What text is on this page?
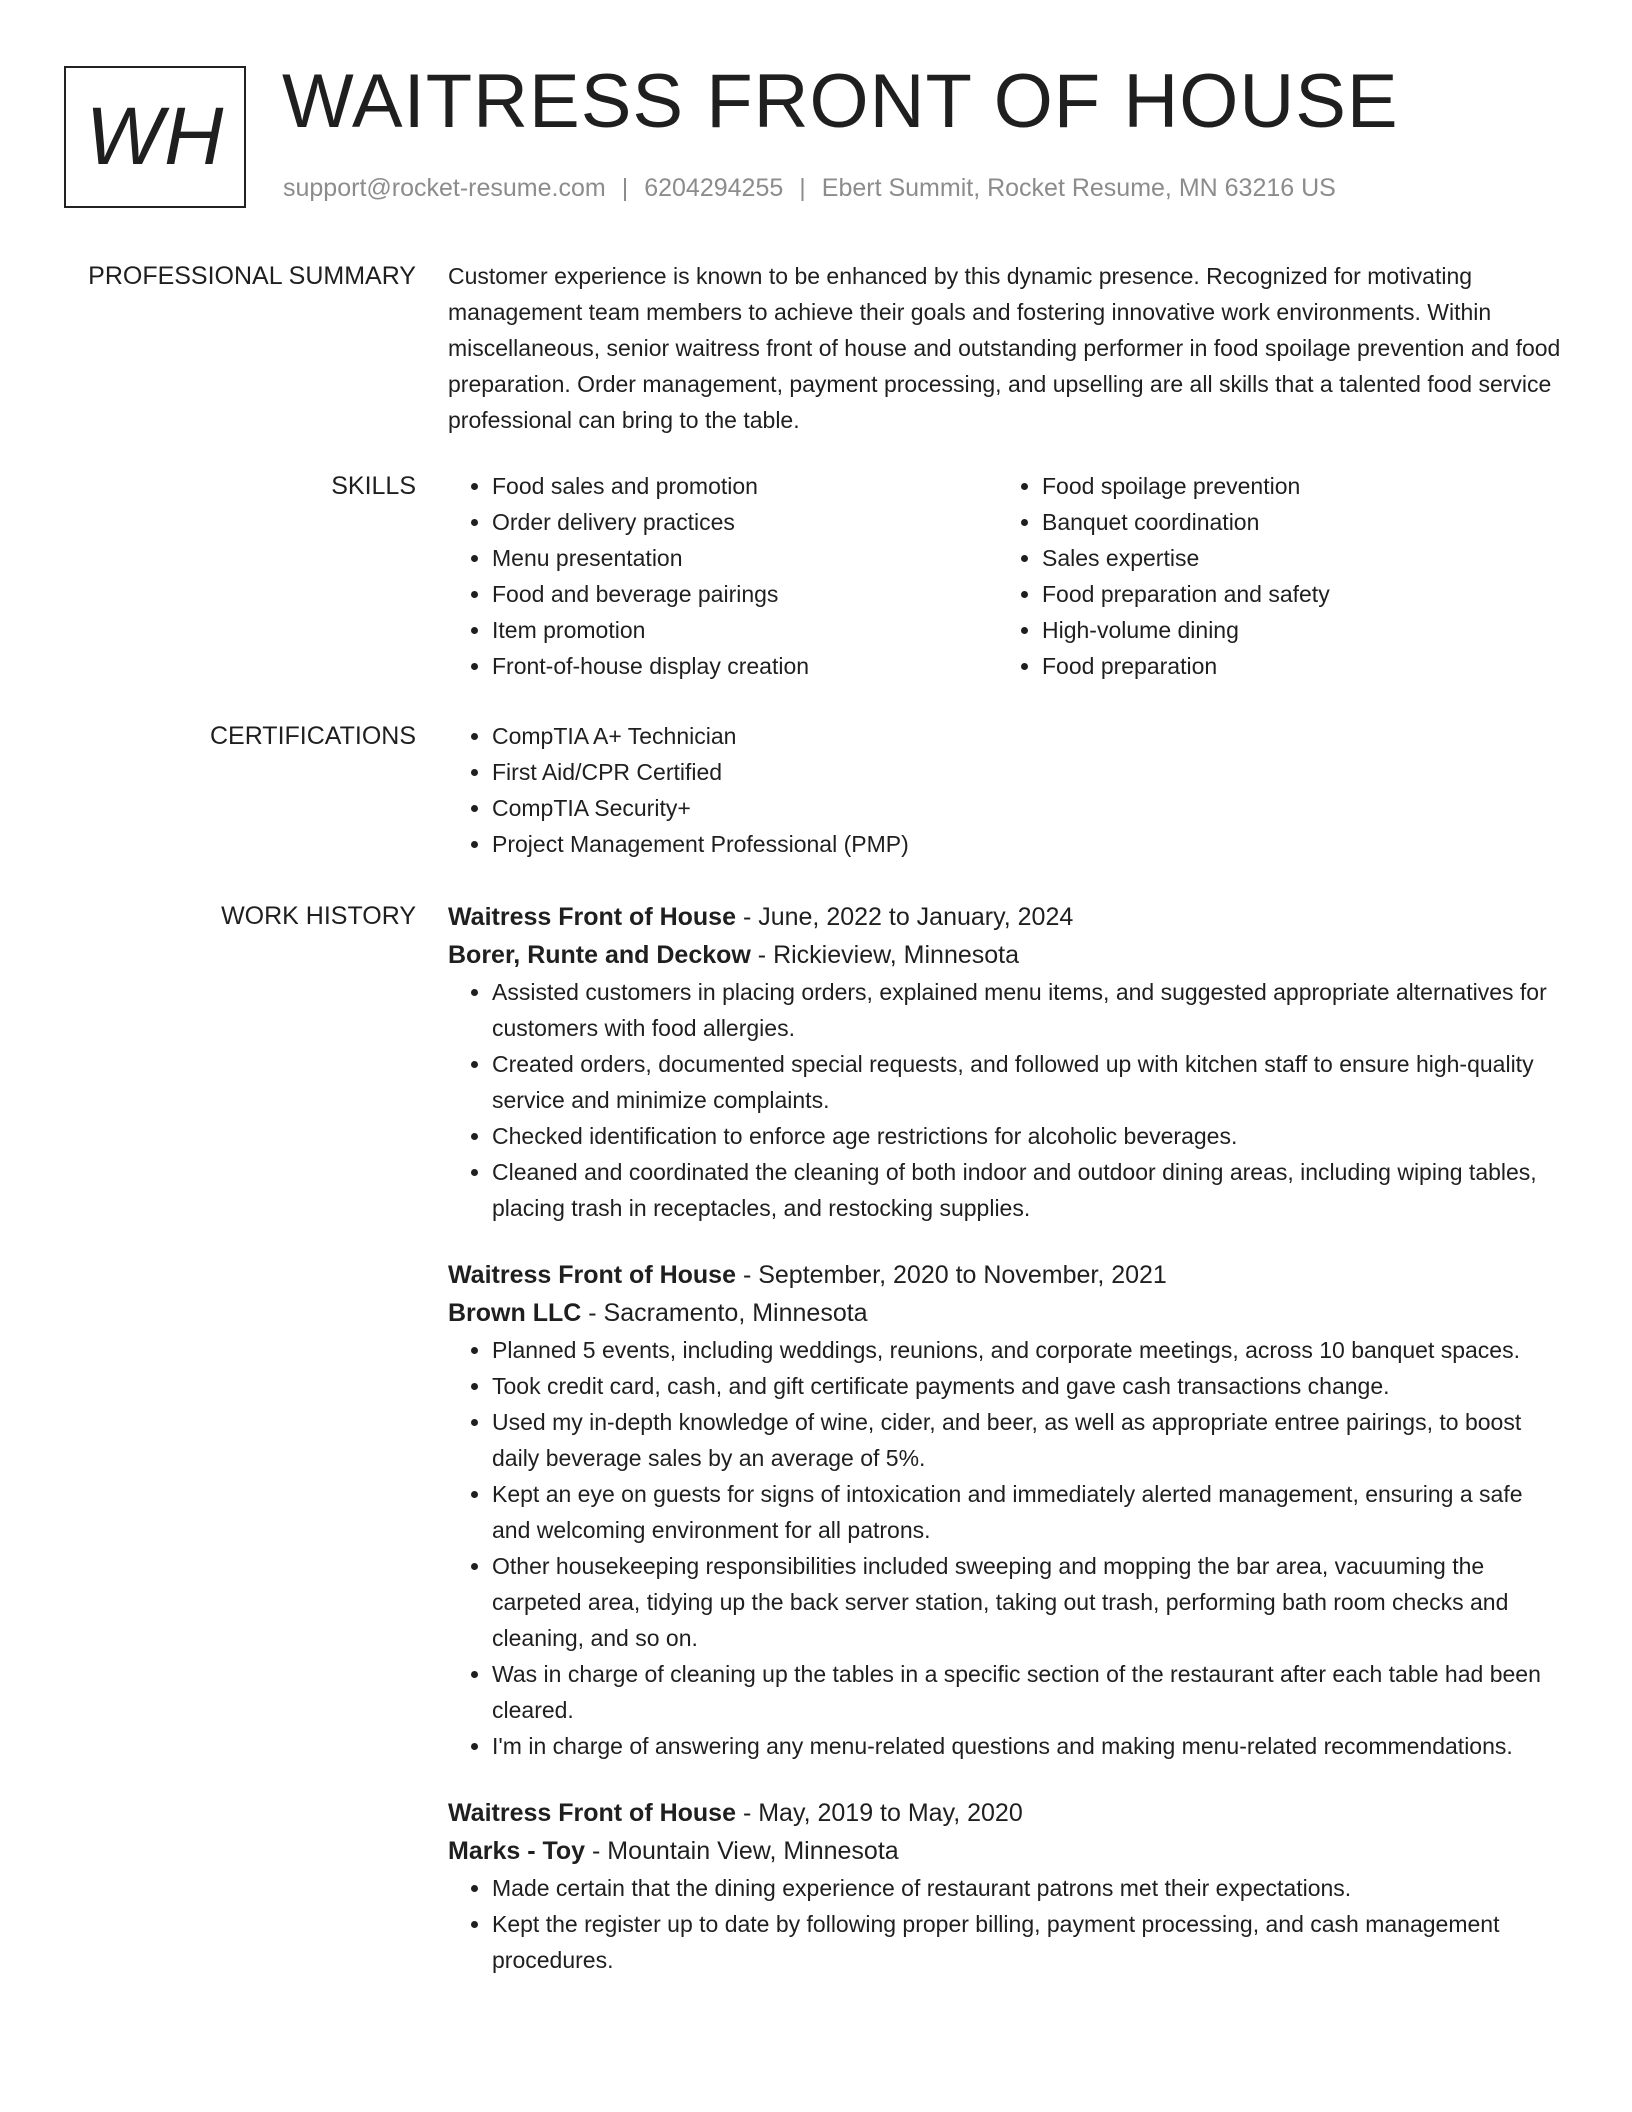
WH WAITRESS FRONT OF HOUSE
support@rocket-resume.com | 6204294255 | Ebert Summit, Rocket Resume, MN 63216 US
PROFESSIONAL SUMMARY Customer experience is known to be enhanced by this dynamic presence. Recognized for motivating management team members to achieve their goals and fostering innovative work environments. Within miscellaneous, senior waitress front of house and outstanding performer in food spoilage prevention and food preparation. Order management, payment processing, and upselling are all skills that a talented food service professional can bring to the table.

SKILLS	• Food sales and promotion
• Order delivery practices
• Menu presentation
• Food and beverage pairings
• Item promotion
• Front-of-house display creation
• Food spoilage prevention
• Banquet coordination
• Sales expertise
• Food preparation and safety
• High-volume dining
• Food preparation
CERTIFICATIONS	• CompTIA A+ Technician
• First Aid/CPR Certified
• CompTIA Security+
• Project Management Professional (PMP)
WORK HISTORY Waitress Front of House - June, 2022 to January, 2024

Borer, Runte and Deckow - Rickieview, Minnesota

• Assisted customers in placing orders, explained menu items, and suggested appropriate alternatives for customers with food allergies.
• Created orders, documented special requests, and followed up with kitchen staff to ensure high-quality service and minimize complaints.
• Checked identification to enforce age restrictions for alcoholic beverages.
• Cleaned and coordinated the cleaning of both indoor and outdoor dining areas, including wiping tables, placing trash in receptacles, and restocking supplies.

Waitress Front of House - September, 2020 to November, 2021

Brown LLC - Sacramento, Minnesota

• Planned 5 events, including weddings, reunions, and corporate meetings, across 10 banquet spaces.
• Took credit card, cash, and gift certificate payments and gave cash transactions change.
• Used my in-depth knowledge of wine, cider, and beer, as well as appropriate entree pairings, to boost daily beverage sales by an average of 5%.
• Kept an eye on guests for signs of intoxication and immediately alerted management, ensuring a safe and welcoming environment for all patrons.
• Other housekeeping responsibilities included sweeping and mopping the bar area, vacuuming the carpeted area, tidying up the back server station, taking out trash, performing bath room checks and cleaning, and so on.
• Was in charge of cleaning up the tables in a specific section of the restaurant after each table had been cleared.
• I'm in charge of answering any menu-related questions and making menu-related recommendations.

Waitress Front of House - May, 2019 to May, 2020

Marks - Toy - Mountain View, Minnesota

• Made certain that the dining experience of restaurant patrons met their expectations.
• Kept the register up to date by following proper billing, payment processing, and cash management procedures.
